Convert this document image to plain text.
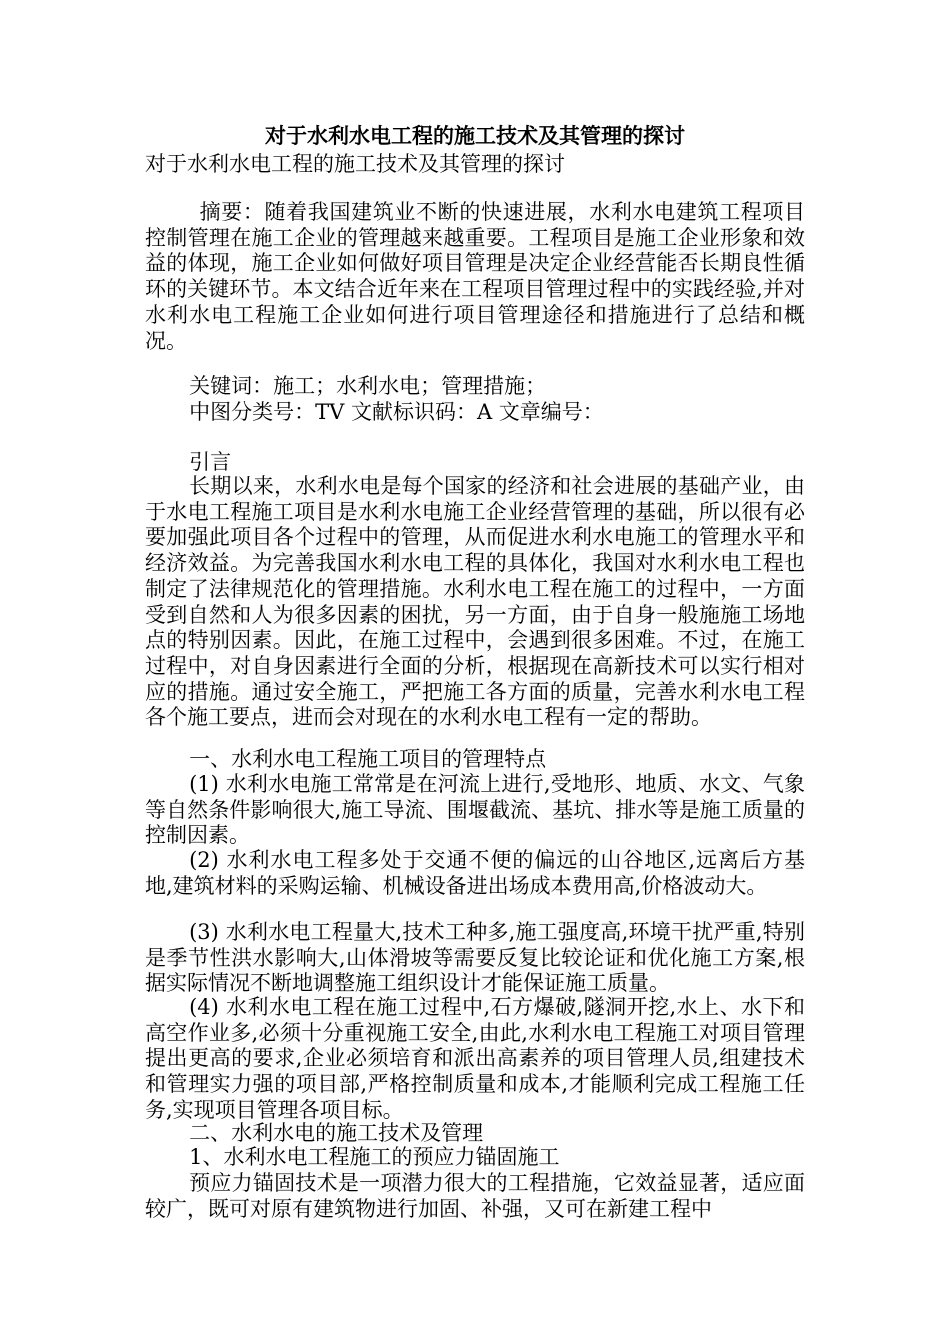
对于水利水电工程的施工技术及其管理的探讨
对于水利水电工程的施工技术及其管理的探讨
摘要：随着我国建筑业不断的快速进展，水利水电建筑工程项目控制管理在施工企业的管理越来越重要。工程项目是施工企业形象和效益的体现，施工企业如何做好项目管理是决定企业经营能否长期良性循环的关键环节。本文结合近年来在工程项目管理过程中的实践经验,并对水利水电工程施工企业如何进行项目管理途径和措施进行了总结和概况。
关键词：施工；水利水电；管理措施；
中图分类号：TV 文献标识码：A 文章编号：
引言
长期以来，水利水电是每个国家的经济和社会进展的基础产业，由于水电工程施工项目是水利水电施工企业经营管理的基础，所以很有必要加强此项目各个过程中的管理，从而促进水利水电施工的管理水平和经济效益。为完善我国水利水电工程的具体化，我国对水利水电工程也制定了法律规范化的管理措施。水利水电工程在施工的过程中，一方面受到自然和人为很多因素的困扰，另一方面，由于自身一般施施工场地点的特别因素。因此，在施工过程中，会遇到很多困难。不过，在施工过程中，对自身因素进行全面的分析，根据现在高新技术可以实行相对应的措施。通过安全施工，严把施工各方面的质量，完善水利水电工程各个施工要点，进而会对现在的水利水电工程有一定的帮助。
一、水利水电工程施工项目的管理特点
(1) 水利水电施工常常是在河流上进行,受地形、地质、水文、气象等自然条件影响很大,施工导流、围堰截流、基坑、排水等是施工质量的控制因素。
(2) 水利水电工程多处于交通不便的偏远的山谷地区,远离后方基地,建筑材料的采购运输、机械设备进出场成本费用高,价格波动大。
(3) 水利水电工程量大,技术工种多,施工强度高,环境干扰严重,特别是季节性洪水影响大,山体滑坡等需要反复比较论证和优化施工方案,根据实际情况不断地调整施工组织设计才能保证施工质量。
(4) 水利水电工程在施工过程中,石方爆破,隧洞开挖,水上、水下和高空作业多,必须十分重视施工安全,由此,水利水电工程施工对项目管理提出更高的要求,企业必须培育和派出高素养的项目管理人员,组建技术和管理实力强的项目部,严格控制质量和成本,才能顺利完成工程施工任务,实现项目管理各项目标。
二、水利水电的施工技术及管理
1、水利水电工程施工的预应力锚固施工
预应力锚固技术是一项潜力很大的工程措施，它效益显著，适应面较广，既可对原有建筑物进行加固、补强，又可在新建工程中
